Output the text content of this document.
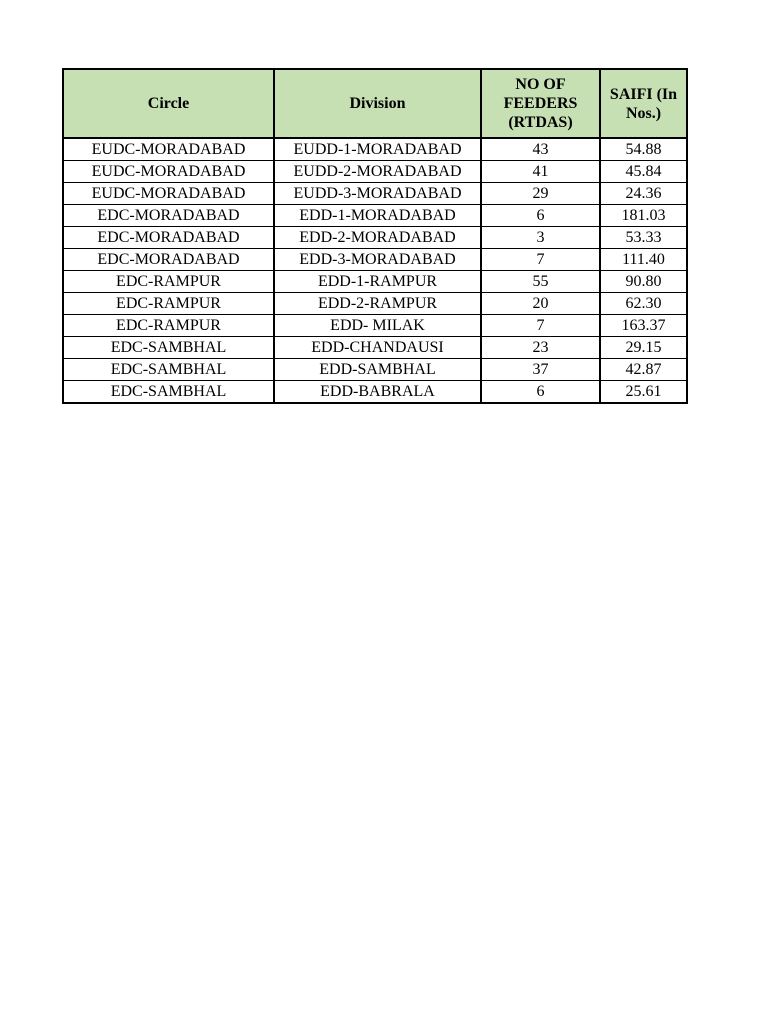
Circle	Division	NO OF FEEDERS (RTDAS)	SAIFI (In Nos.)
EUDC-MORADABAD	EUDD-1-MORADABAD	43	54.88
EUDC-MORADABAD	EUDD-2-MORADABAD	41	45.84
EUDC-MORADABAD	EUDD-3-MORADABAD	29	24.36
EDC-MORADABAD	EDD-1-MORADABAD	6	181.03
EDC-MORADABAD	EDD-2-MORADABAD	3	53.33
EDC-MORADABAD	EDD-3-MORADABAD	7	111.40
EDC-RAMPUR	EDD-1-RAMPUR	55	90.80
EDC-RAMPUR	EDD-2-RAMPUR	20	62.30
EDC-RAMPUR	EDD- MILAK	7	163.37
EDC-SAMBHAL	EDD-CHANDAUSI	23	29.15
EDC-SAMBHAL	EDD-SAMBHAL	37	42.87
EDC-SAMBHAL	EDD-BABRALA	6	25.61
